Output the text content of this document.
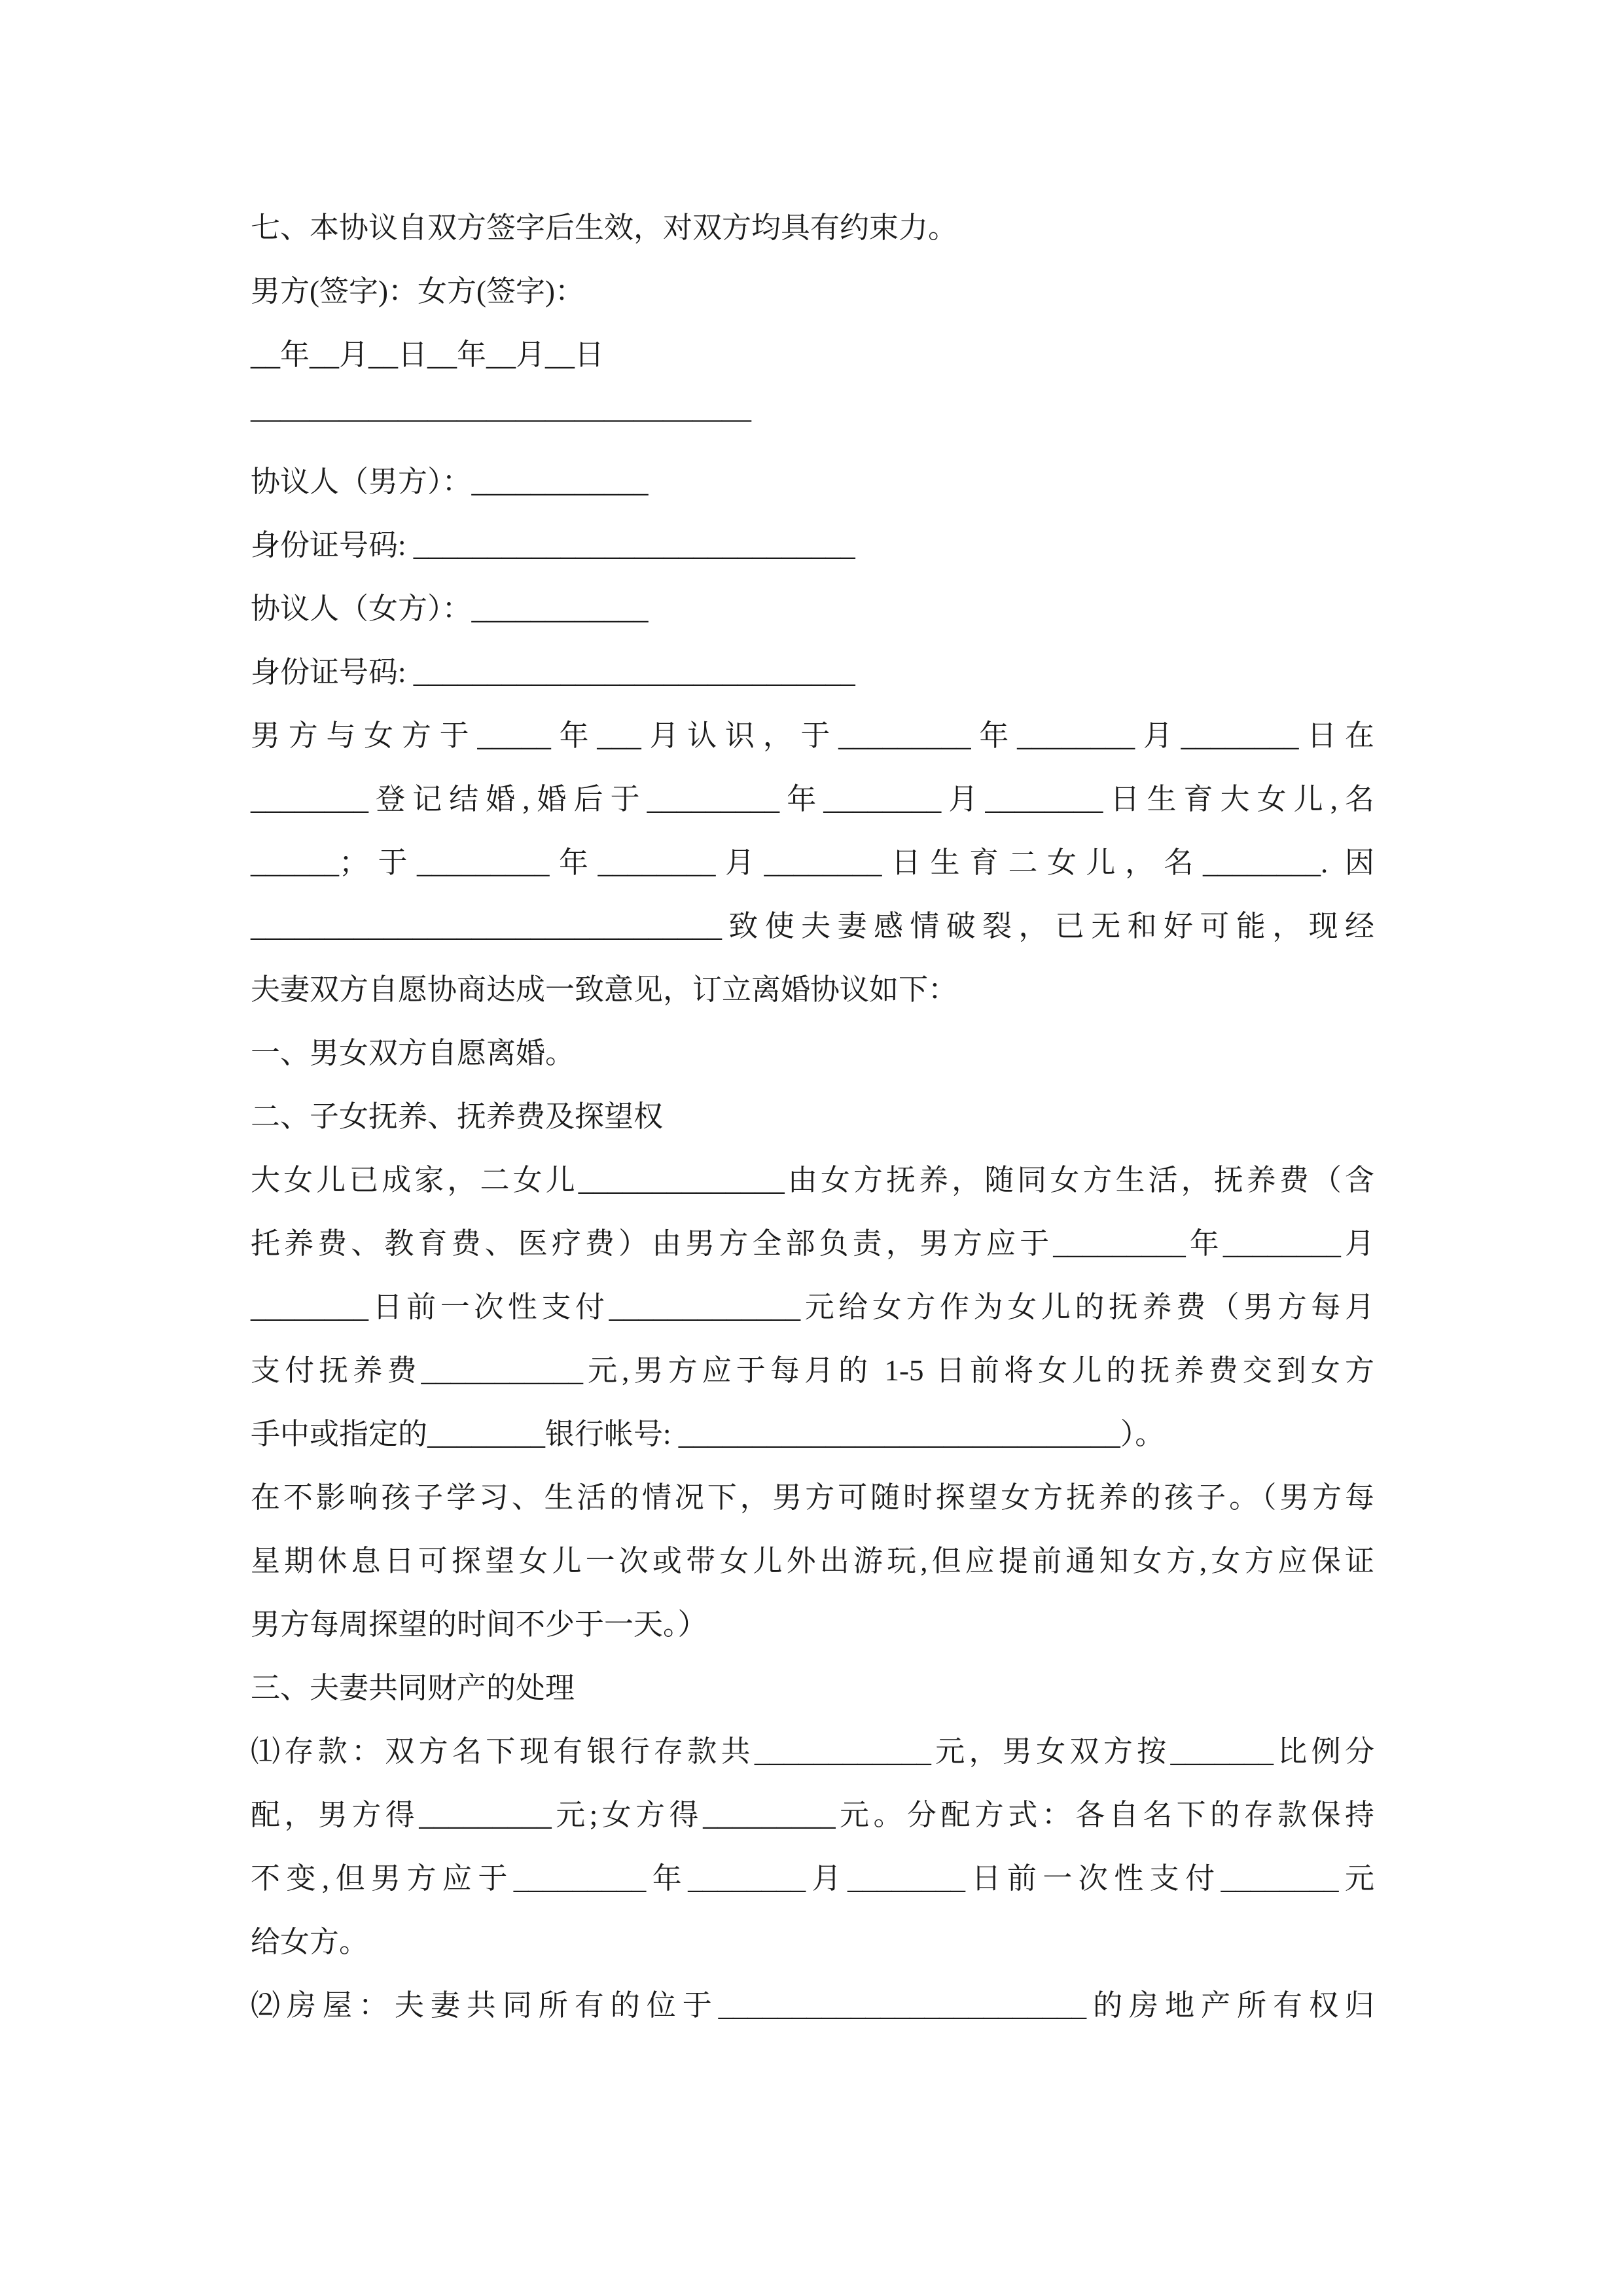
七、本协议自双方签字后生效，对双方均具有约束力。

男方(签字)：女方(签字)：

__年__月__日__年__月__日

—————————————————

协议人（男方）：____________

身份证号码: ______________________________

协议人（女方）：____________

身份证号码: ______________________________

男方与女方于_____年___月认识，于_________年________月________日在

________登记结婚,婚后于_________年________月________日生育大女儿,名

______；于_________年________月________日生育二女儿，名________. 因

________________________________致使夫妻感情破裂，已无和好可能，现经

夫妻双方自愿协商达成一致意见，订立离婚协议如下：

一、男女双方自愿离婚。

二、子女抚养、抚养费及探望权

大女儿已成家，二女儿______________由女方抚养，随同女方生活，抚养费（含

托养费、教育费、医疗费）由男方全部负责，男方应于_________年________月

________日前一次性支付_____________元给女方作为女儿的抚养费（男方每月

支付抚养费___________元,男方应于每月的 1-5 日前将女儿的抚养费交到女方

手中或指定的________银行帐号: ______________________________）。

在不影响孩子学习、生活的情况下，男方可随时探望女方抚养的孩子。（男方每

星期休息日可探望女儿一次或带女儿外出游玩,但应提前通知女方,女方应保证

男方每周探望的时间不少于一天。）

三、夫妻共同财产的处理

⑴存款：双方名下现有银行存款共____________元，男女双方按_______比例分

配，男方得_________元;女方得_________元。分配方式：各自名下的存款保持

不变,但男方应于_________年________月________日前一次性支付________元

给女方。

⑵房屋：夫妻共同所有的位于_________________________的房地产所有权归
